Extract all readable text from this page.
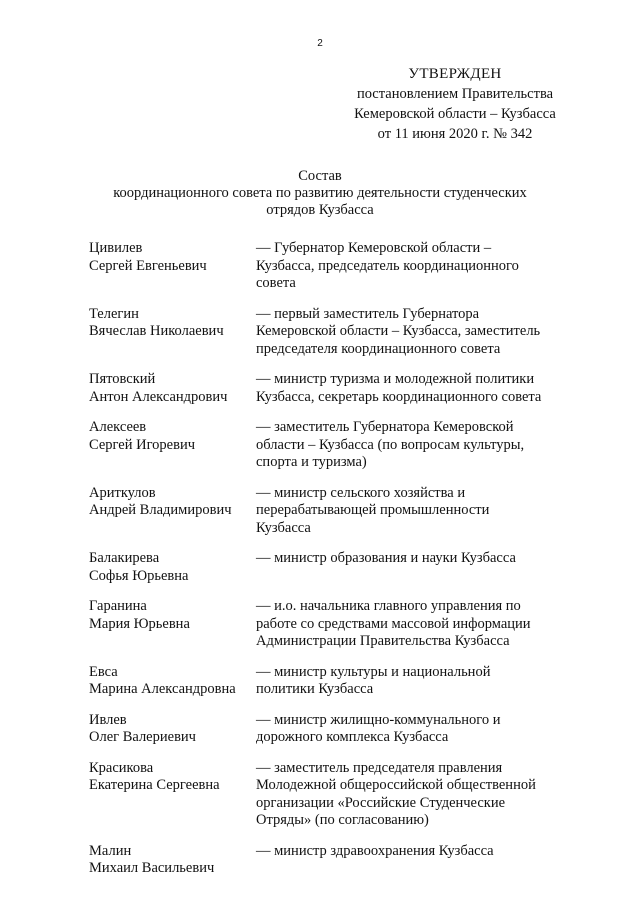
2
УТВЕРЖДЕН
постановлением Правительства
Кемеровской области – Кузбасса
от 11 июня 2020 г. № 342
Состав
координационного совета по развитию деятельности студенческих
отрядов Кузбасса
Цивилев
Сергей Евгеньевич
— Губернатор Кемеровской области –
Кузбасса, председатель координационного
совета
Телегин
Вячеслав Николаевич
— первый заместитель Губернатора
Кемеровской области – Кузбасса, заместитель
председателя координационного совета
Пятовский
Антон Александрович
— министр туризма и молодежной политики
Кузбасса, секретарь координационного совета
Алексеев
Сергей Игоревич
— заместитель Губернатора Кемеровской
области – Кузбасса (по вопросам культуры,
спорта и туризма)
Ариткулов
Андрей Владимирович
— министр сельского хозяйства и
перерабатывающей промышленности
Кузбасса
Балакирева
Софья Юрьевна
— министр образования и науки Кузбасса
Гаранина
Мария Юрьевна
— и.о. начальника главного управления по
работе со средствами массовой информации
Администрации Правительства Кузбасса
Евса
Марина Александровна
— министр культуры и национальной
политики Кузбасса
Ивлев
Олег Валериевич
— министр жилищно-коммунального и
дорожного комплекса Кузбасса
Красикова
Екатерина Сергеевна
— заместитель председателя правления
Молодежной общероссийской общественной
организации «Российские Студенческие
Отряды» (по согласованию)
Малин
Михаил Васильевич
— министр здравоохранения Кузбасса
